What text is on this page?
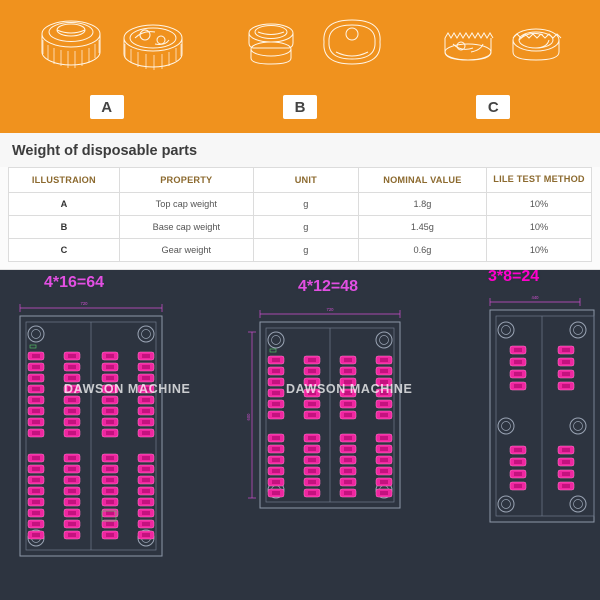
A	B	C
Weight of disposable parts
ILLUSTRAION	PROPERTY	UNIT	NOMINAL VALUE	LILE TEST METHOD
A	Top cap weight	g	1.8g	10%
B	Base cap weight	g	1.45g	10%
C	Gear weight	g	0.6g	10%
4*16=64	4*12=48
3*8=24
720
720
600
440
DAWSON MACHINE	DAWSON MACHINE
